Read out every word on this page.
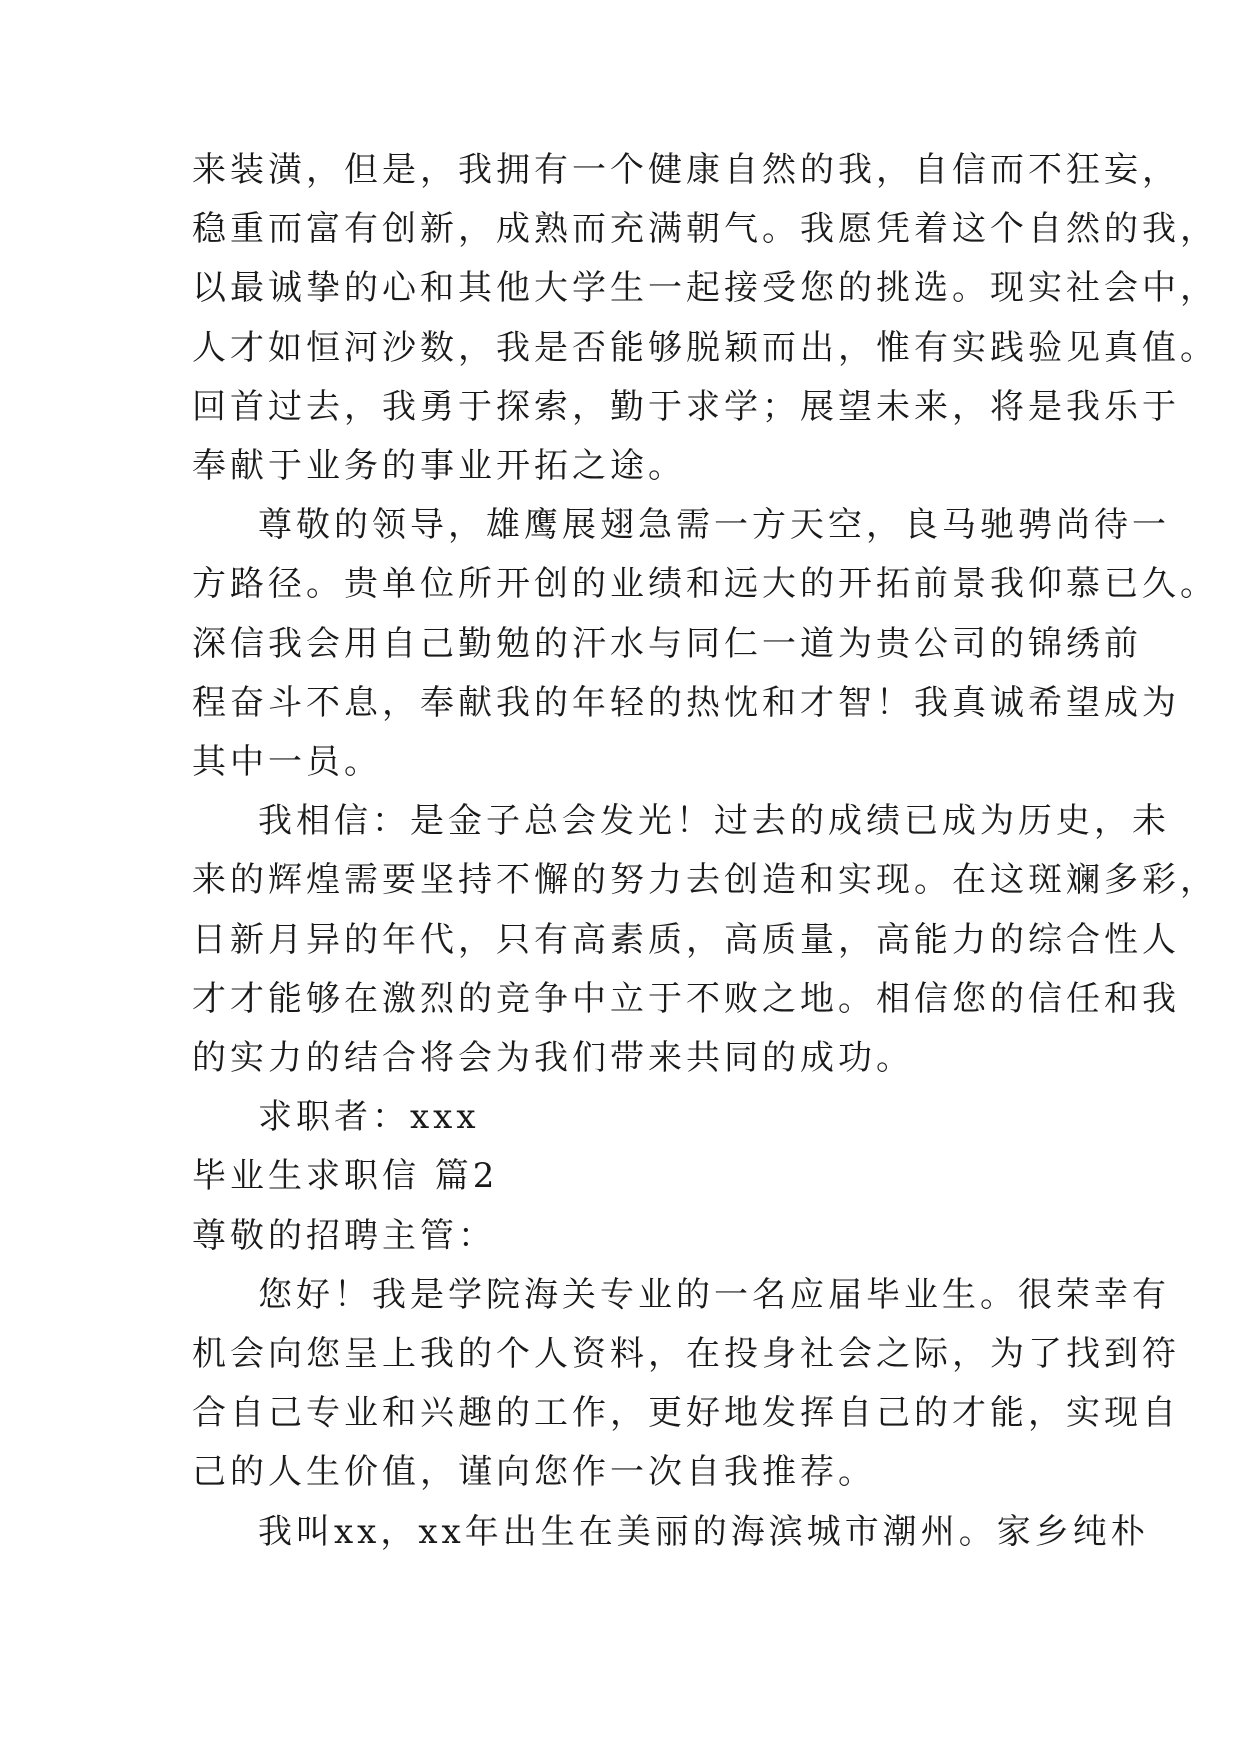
来装潢，但是，我拥有一个健康自然的我，自信而不狂妄，
稳重而富有创新，成熟而充满朝气。我愿凭着这个自然的我，
以最诚挚的心和其他大学生一起接受您的挑选。现实社会中，
人才如恒河沙数，我是否能够脱颖而出，惟有实践验见真值。
回首过去，我勇于探索，勤于求学；展望未来，将是我乐于
奉献于业务的事业开拓之途。
尊敬的领导，雄鹰展翅急需一方天空，良马驰骋尚待一
方路径。贵单位所开创的业绩和远大的开拓前景我仰慕已久。
深信我会用自己勤勉的汗水与同仁一道为贵公司的锦绣前
程奋斗不息，奉献我的年轻的热忱和才智！我真诚希望成为
其中一员。
我相信：是金子总会发光！过去的成绩已成为历史，未
来的辉煌需要坚持不懈的努力去创造和实现。在这斑斓多彩，
日新月异的年代，只有高素质，高质量，高能力的综合性人
才才能够在激烈的竞争中立于不败之地。相信您的信任和我
的实力的结合将会为我们带来共同的成功。
求职者：xxx
毕业生求职信 篇2
尊敬的招聘主管：
您好！我是学院海关专业的一名应届毕业生。很荣幸有
机会向您呈上我的个人资料，在投身社会之际，为了找到符
合自己专业和兴趣的工作，更好地发挥自己的才能，实现自
己的人生价值，谨向您作一次自我推荐。
我叫xx，xx年出生在美丽的海滨城市潮州。家乡纯朴
